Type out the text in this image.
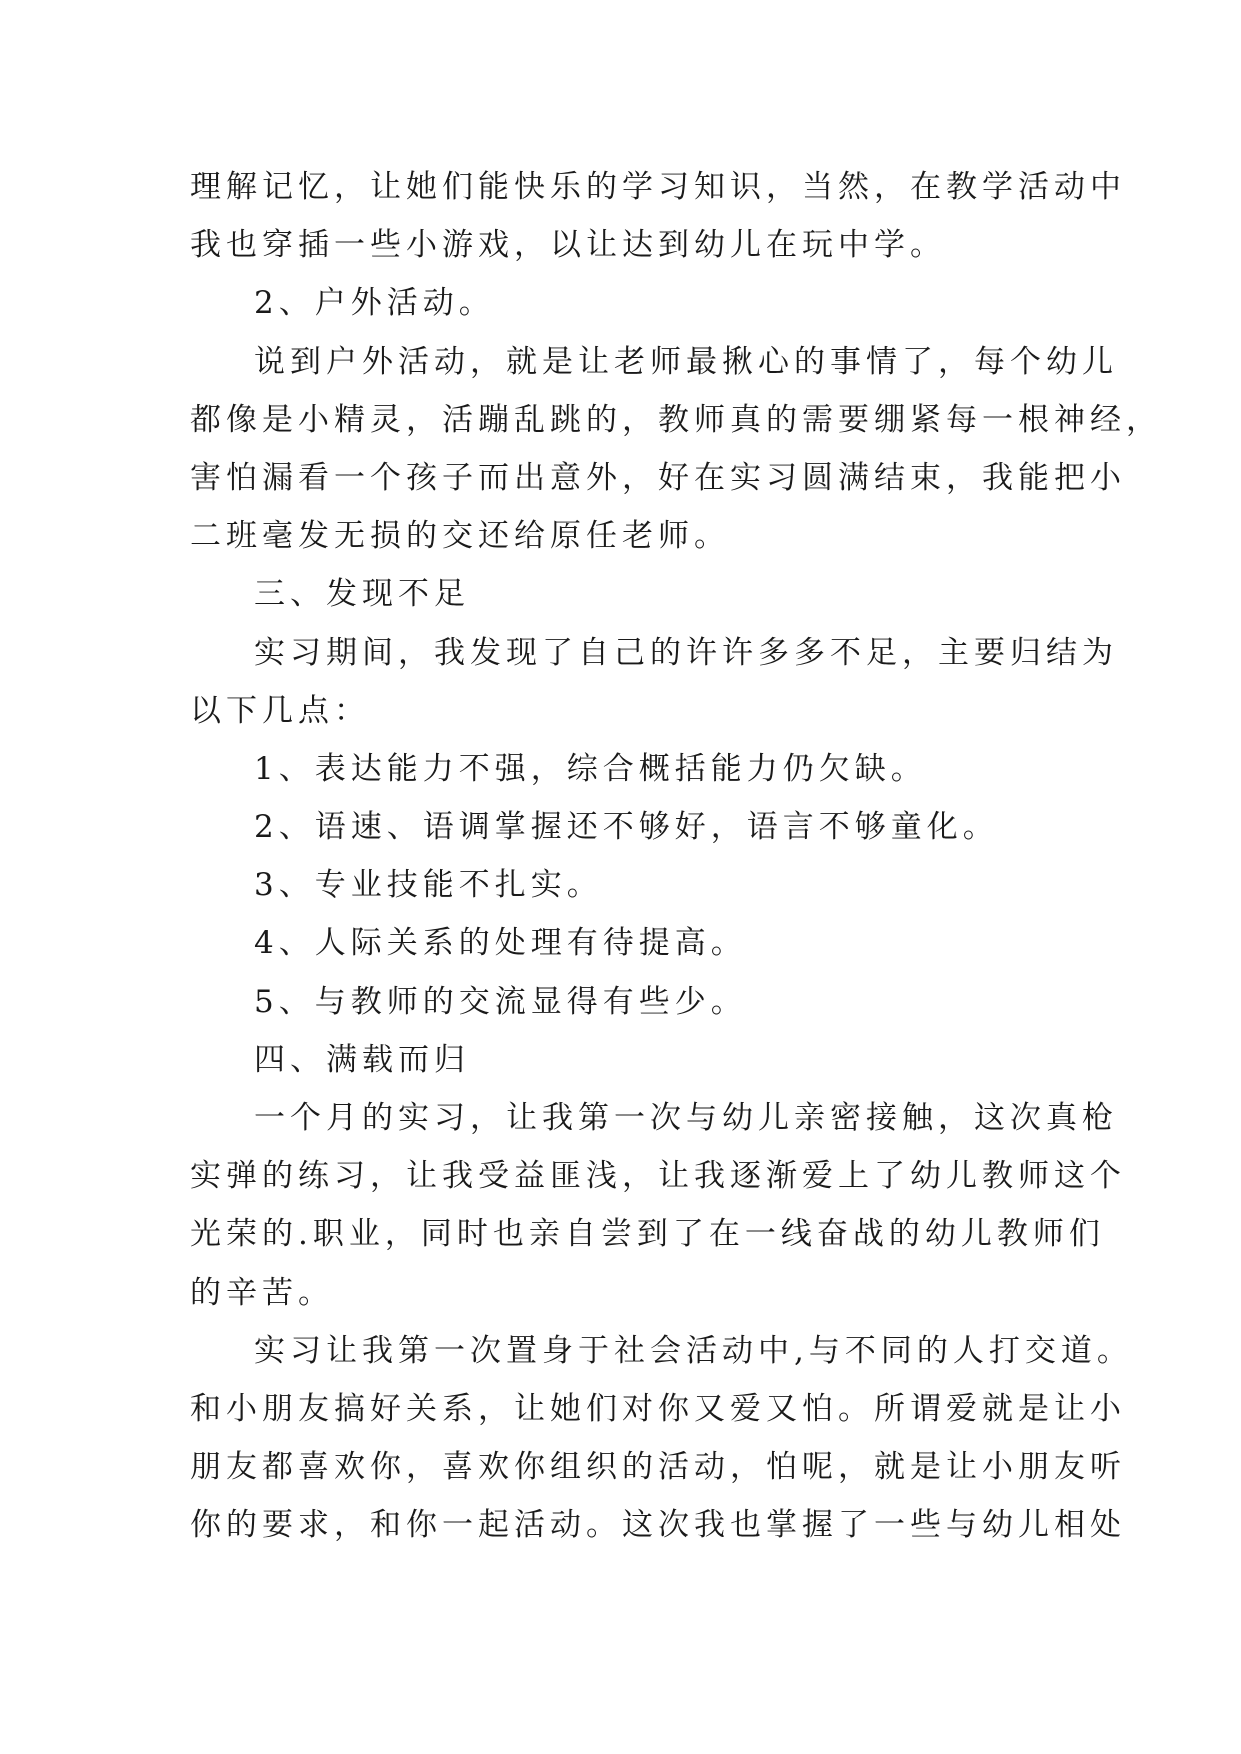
理解记忆，让她们能快乐的学习知识，当然，在教学活动中
我也穿插一些小游戏，以让达到幼儿在玩中学。
2、户外活动。
说到户外活动，就是让老师最揪心的事情了，每个幼儿
都像是小精灵，活蹦乱跳的，教师真的需要绷紧每一根神经，
害怕漏看一个孩子而出意外，好在实习圆满结束，我能把小
二班毫发无损的交还给原任老师。
三、发现不足
实习期间，我发现了自己的许许多多不足，主要归结为
以下几点：
1、表达能力不强，综合概括能力仍欠缺。
2、语速、语调掌握还不够好，语言不够童化。
3、专业技能不扎实。
4、人际关系的处理有待提高。
5、与教师的交流显得有些少。
四、满载而归
一个月的实习，让我第一次与幼儿亲密接触，这次真枪
实弹的练习，让我受益匪浅，让我逐渐爱上了幼儿教师这个
光荣的.职业，同时也亲自尝到了在一线奋战的幼儿教师们
的辛苦。
实习让我第一次置身于社会活动中,与不同的人打交道。
和小朋友搞好关系，让她们对你又爱又怕。所谓爱就是让小
朋友都喜欢你，喜欢你组织的活动，怕呢，就是让小朋友听
你的要求，和你一起活动。这次我也掌握了一些与幼儿相处
